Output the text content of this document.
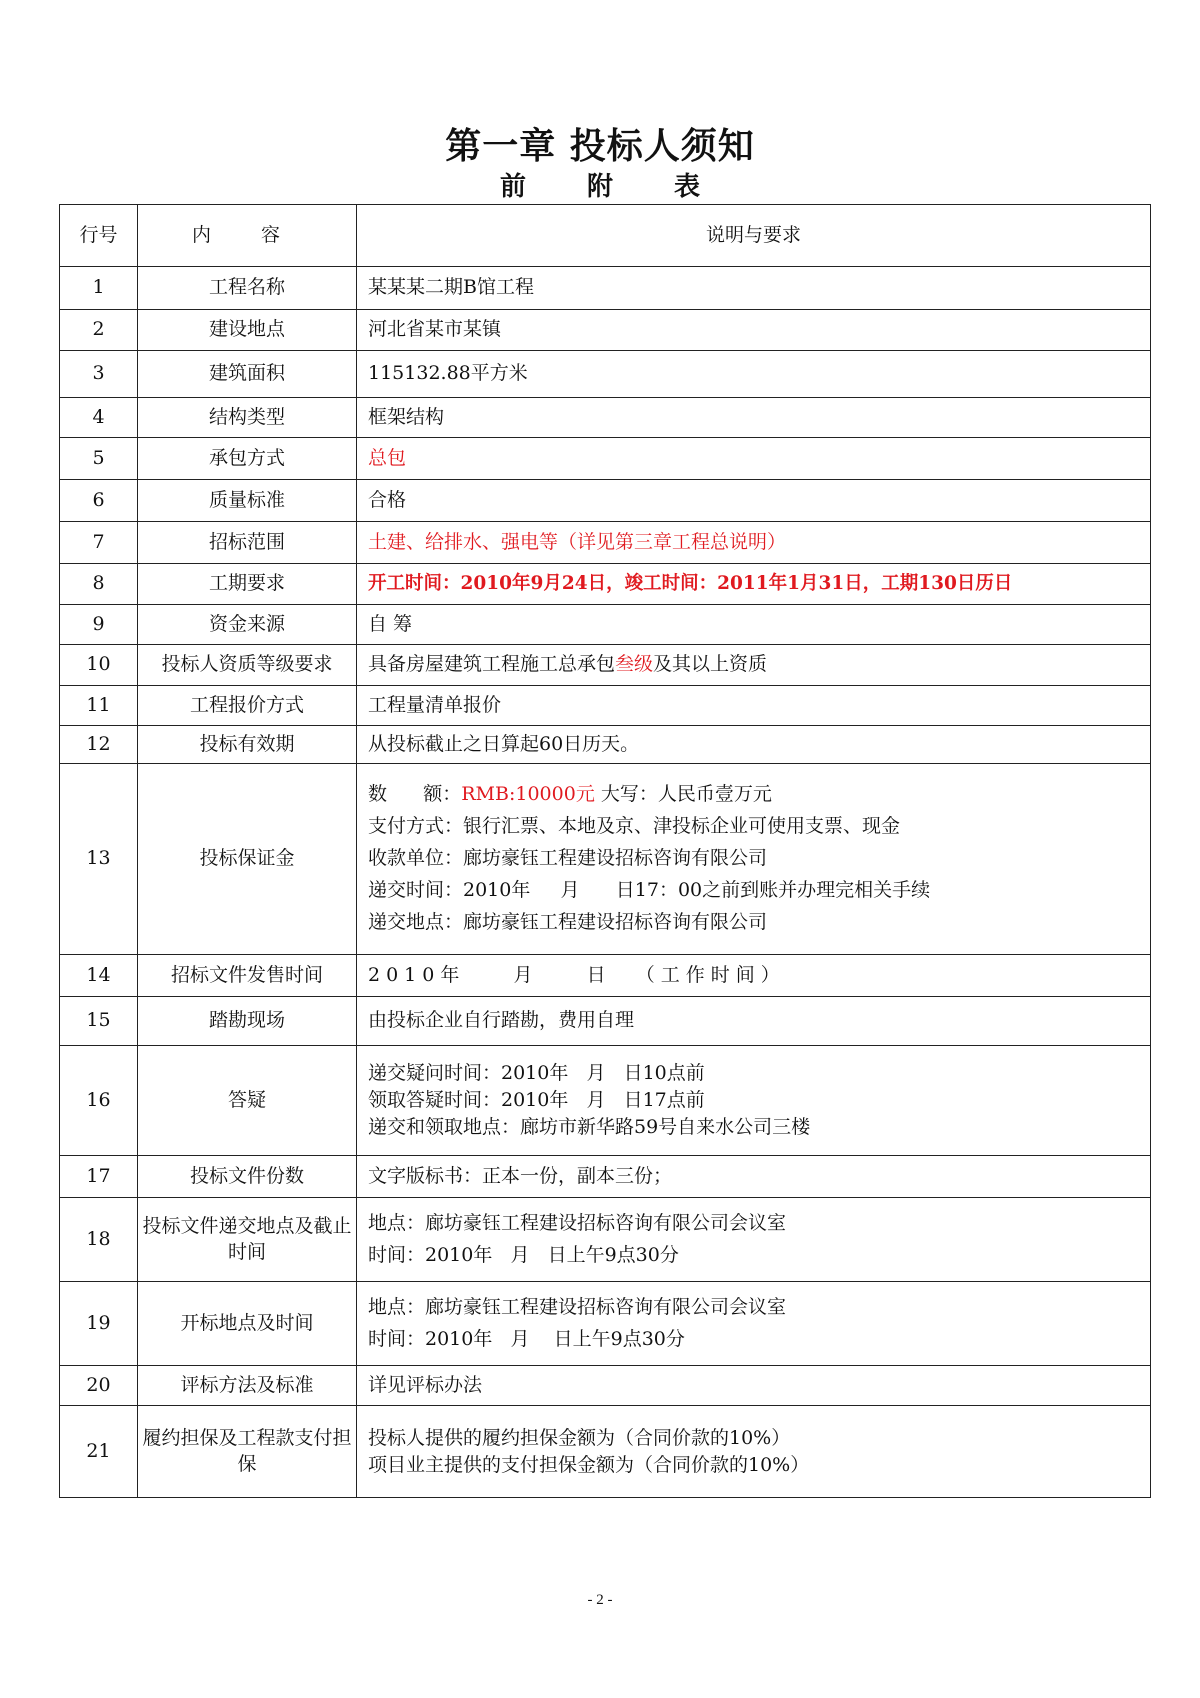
第一章 投标人须知
前 附 表
行号	内 容	说明与要求
1	工程名称	某某某二期B馆工程
2	建设地点	河北省某市某镇
3	建筑面积	115132.88平方米
4	结构类型	框架结构
5	承包方式	总包
6	质量标准	合格
7	招标范围	土建、给排水、强电等（详见第三章工程总说明）
8	工期要求	开工时间：2010年9月24日，竣工时间：2011年1月31日，工期130日历日
9	资金来源	自 筹
10	投标人资质等级要求	具备房屋建筑工程施工总承包叁级及其以上资质
11	工程报价方式	工程量清单报价
12	投标有效期	从投标截止之日算起60日历天。
13	投标保证金	数      额：RMB:10000元 大写：人民币壹万元
支付方式：银行汇票、本地及京、津投标企业可使用支票、现金
收款单位：廊坊豪钰工程建设招标咨询有限公司
递交时间：2010年     月      日17：00之前到账并办理完相关手续
递交地点：廊坊豪钰工程建设招标咨询有限公司

14	招标文件发售时间	2010年    月    日  （工作时间）
15	踏勘现场	由投标企业自行踏勘，费用自理
16	答疑	递交疑问时间：2010年   月   日10点前
领取答疑时间：2010年   月   日17点前
递交和领取地点：廊坊市新华路59号自来水公司三楼

17	投标文件份数	文字版标书：正本一份，副本三份；
18	投标文件递交地点及截止时间	地点：廊坊豪钰工程建设招标咨询有限公司会议室
时间：2010年   月   日上午9点30分

19	开标地点及时间	地点：廊坊豪钰工程建设招标咨询有限公司会议室
时间：2010年   月    日上午9点30分

20	评标方法及标准	详见评标办法
21	履约担保及工程款支付担保	投标人提供的履约担保金额为（合同价款的10%）
项目业主提供的支付担保金额为（合同价款的10%）
- 2 -
